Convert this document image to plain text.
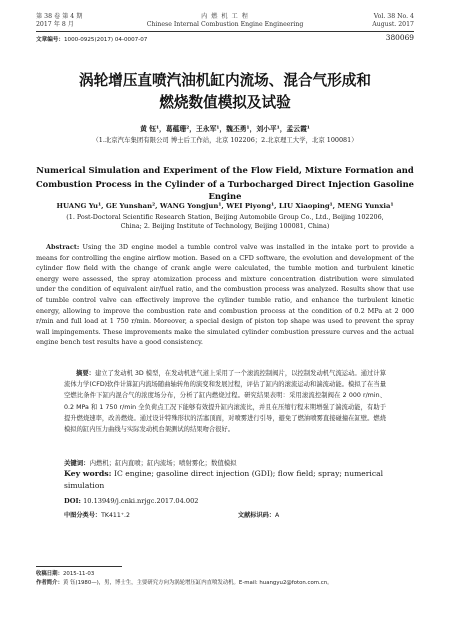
第 38 卷 第 4 期
2017 年 8 月
内 燃 机 工 程
Chinese Internal Combustion Engine Engineering
Vol. 38 No. 4
August. 2017
文章编号：1000-0925(2017) 04-0007-07	380069
涡轮增压直喷汽油机缸内流场、混合气形成和
燃烧数值模拟及试验
黄 钰¹，葛蕴珊²，王永军¹，魏丕勇¹，刘小平¹，孟云霞¹
（1.北京汽车集团有限公司 博士后工作站，北京 102206；2.北京理工大学，北京 100081）
Numerical Simulation and Experiment of the Flow Field, Mixture Formation and
Combustion Process in the Cylinder of a Turbocharged Direct Injection Gasoline Engine
HUANG Yu¹, GE Yunshan², WANG Yongjun¹, WEI Piyong¹, LIU Xiaoping¹, MENG Yunxia¹
(1. Post-Doctoral Scientific Research Station, Beijing Automobile Group Co., Ltd., Beijing 102206,
China; 2. Beijing Institute of Technology, Beijing 100081, China)
Abstract: Using the 3D engine model a tumble control valve was installed in the intake port to provide a means for controlling the engine airflow motion. Based on a CFD software, the evolution and development of the cylinder flow field with the change of crank angle were calculated, the tumble motion and turbulent kinetic energy were assessed, the spray atomization process and mixture concentration distribution were simulated under the condition of equivalent air/fuel ratio, and the combustion process was analyzed. Results show that use of tumble control valve can effectively improve the cylinder tumble ratio, and enhance the turbulent kinetic energy, allowing to improve the combustion rate and combustion process at the condition of 0.2 MPa at 2 000 r/min and full load at 1 750 r/min. Moreover, a special design of piston top shape was used to prevent the spray wall impingements. These improvements make the simulated cylinder combustion pressure curves and the actual engine bench test results have a good consistency.
摘要：建立了发动机 3D 模型，在发动机进气道上采用了一个滚流控制阀片，以控制发动机气流运动。通过计算流体力学(CFD)软件计算缸内流场随曲轴转角的演变和发展过程，评估了缸内的滚流运动和湍流动能。模拟了在当量空燃比条件下缸内混合气的浓度场分布，分析了缸内燃烧过程。研究结果表明：采用滚流控制阀在 2 000 r/min、0.2 MPa 和 1 750 r/min 全负荷点工况下能够有效提升缸内滚流比，并且在压缩行程末期增强了湍流动能，有助于提升燃烧速率，改善燃烧。通过设计特殊形状的活塞顶面，对喷雾进行引导，避免了燃油喷雾直接碰撞在缸壁。燃烧模拟的缸内压力曲线与实际发动机台架测试的结果吻合很好。
关键词：内燃机；缸内直喷；缸内流场；喷射雾化；数值模拟
Key words: IC engine; gasoline direct injection (GDI); flow field; spray; numerical simulation
DOI: 10.13949/j.cnki.nrjgc.2017.04.002
中图分类号：TK411⁺.2	文献标识码：A
收稿日期：2015-11-03
作者简介：黄 钰(1980—)，男，博士生，主要研究方向为涡轮增压缸内直喷发动机。E-mail: huangyu2@foton.com.cn。
